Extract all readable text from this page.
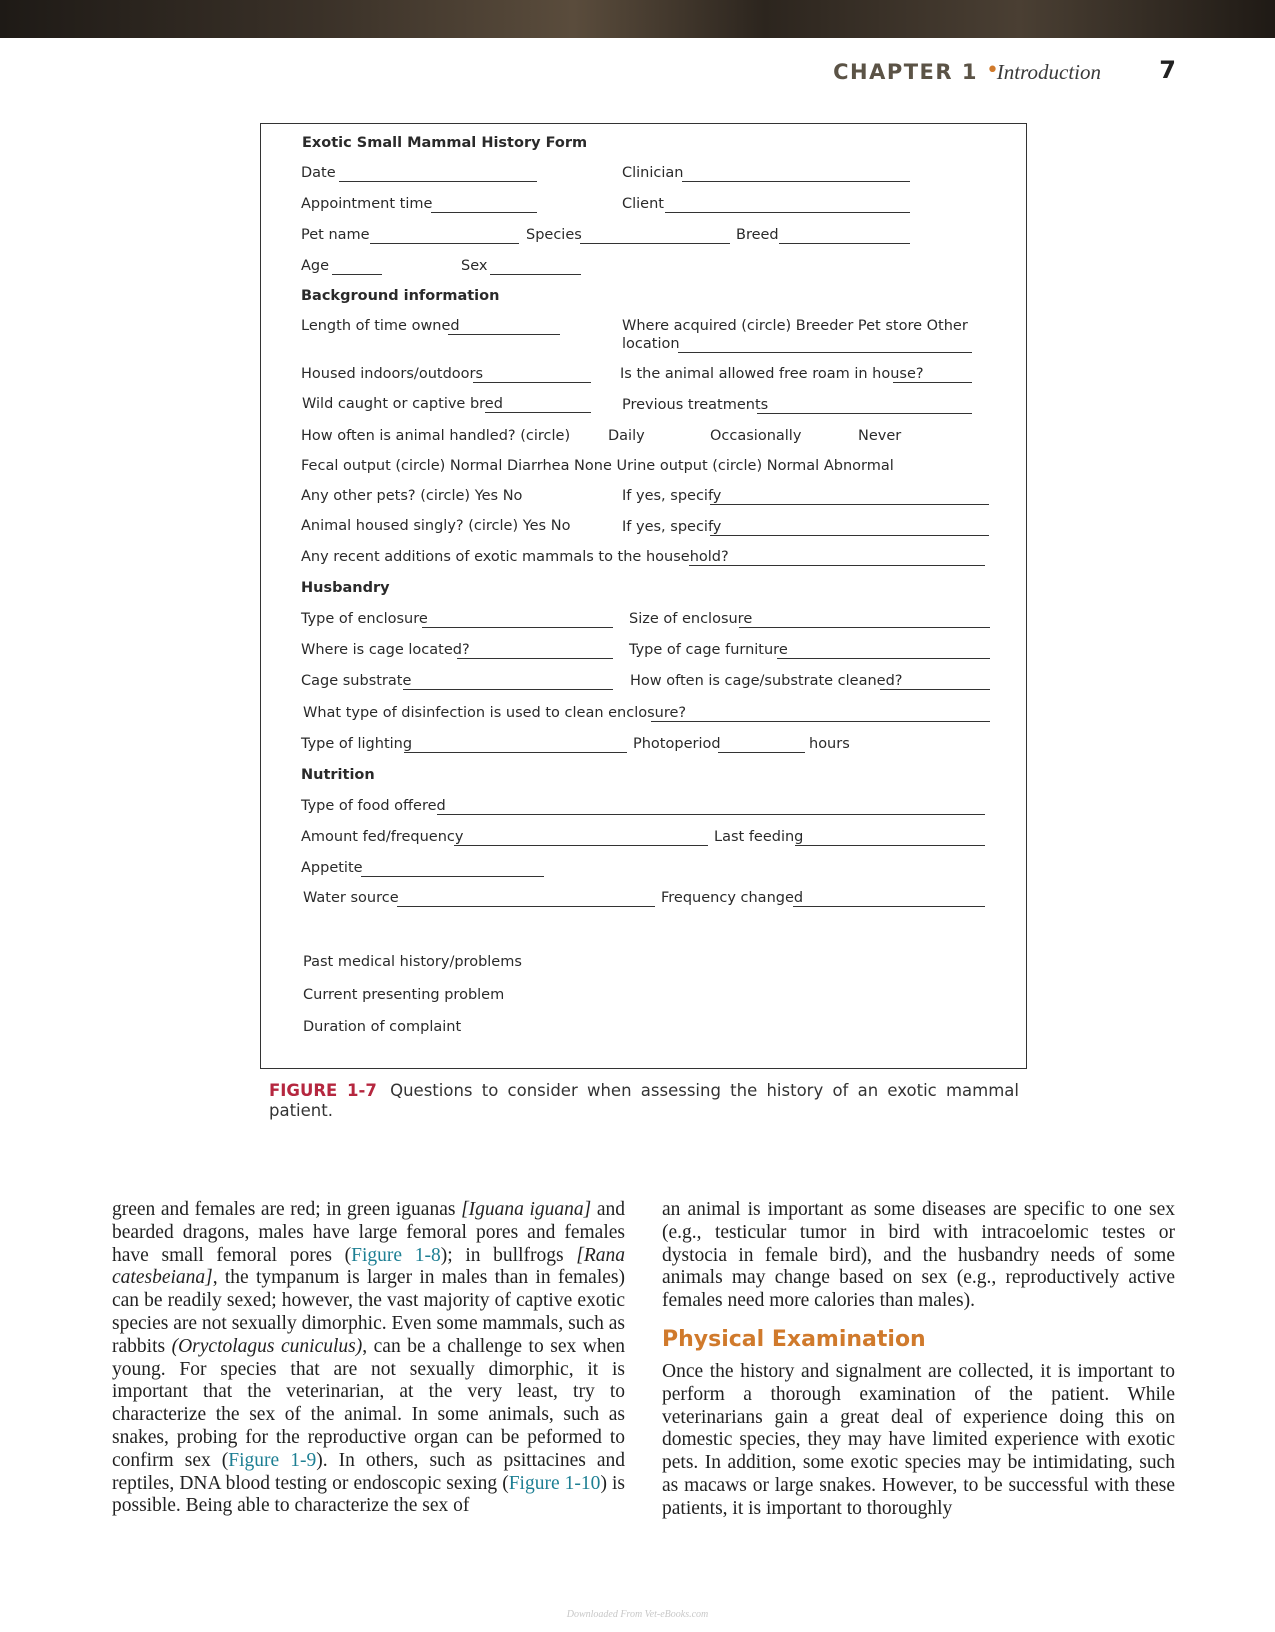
CHAPTER 1 •
Introduction 7
Exotic Small Mammal History Form
Date	Clinician
Appointment time	Client
Pet name	Species	Breed
Age	Sex
Background information
Length of time owned	Where acquired (circle) Breeder Pet store Other
location
Housed indoors/outdoors	Is the animal allowed free roam in house?
Wild caught or captive bred	Previous treatments
How often is animal handled? (circle)	Daily	Occasionally	Never
Fecal output (circle) Normal Diarrhea None Urine output (circle) Normal Abnormal
Any other pets? (circle) Yes No	If yes, specify
Animal housed singly? (circle) Yes No	If yes, specify
Any recent additions of exotic mammals to the household?
Husbandry
Type of enclosure	Size of enclosure
Where is cage located?	Type of cage furniture
Cage substrate	How often is cage/substrate cleaned?
What type of disinfection is used to clean enclosure?
Type of lighting	Photoperiod	hours
Nutrition
Type of food offered
Amount fed/frequency	Last feeding
Appetite
Water source	Frequency changed
Past medical history/problems
Current presenting problem
Duration of complaint
FIGURE 1-7 Questions to consider when assessing the history of an exotic mammal patient.

green and females are red; in green iguanas [Iguana iguana] and bearded dragons, males have large femoral pores and females have small femoral pores (Figure 1-8); in bullfrogs [Rana catesbeiana], the tympanum is larger in males than in females) can be readily sexed; however, the vast majority of captive exotic species are not sexually dimorphic. Even some mammals, such as rabbits (Oryctolagus cuniculus), can be a challenge to sex when young. For species that are not sexually dimorphic, it is important that the veterinarian, at the very least, try to characterize the sex of the animal. In some animals, such as snakes, probing for the reproductive organ can be peformed to confirm sex (Figure 1-9). In others, such as psittacines and reptiles, DNA blood testing or endoscopic sexing (Figure 1-10) is possible. Being able to characterize the sex of

an animal is important as some diseases are specific to one sex (e.g., testicular tumor in bird with intracoelomic testes or dystocia in female bird), and the husbandry needs of some animals may change based on sex (e.g., reproductively active females need more calories than males).

Physical Examination

Once the history and signalment are collected, it is important to perform a thorough examination of the patient. While veterinarians gain a great deal of experience doing this on domestic species, they may have limited experience with exotic pets. In addition, some exotic species may be intimidating, such as macaws or large snakes. However, to be successful with these patients, it is important to thoroughly

Downloaded From Vet-eBooks.com
